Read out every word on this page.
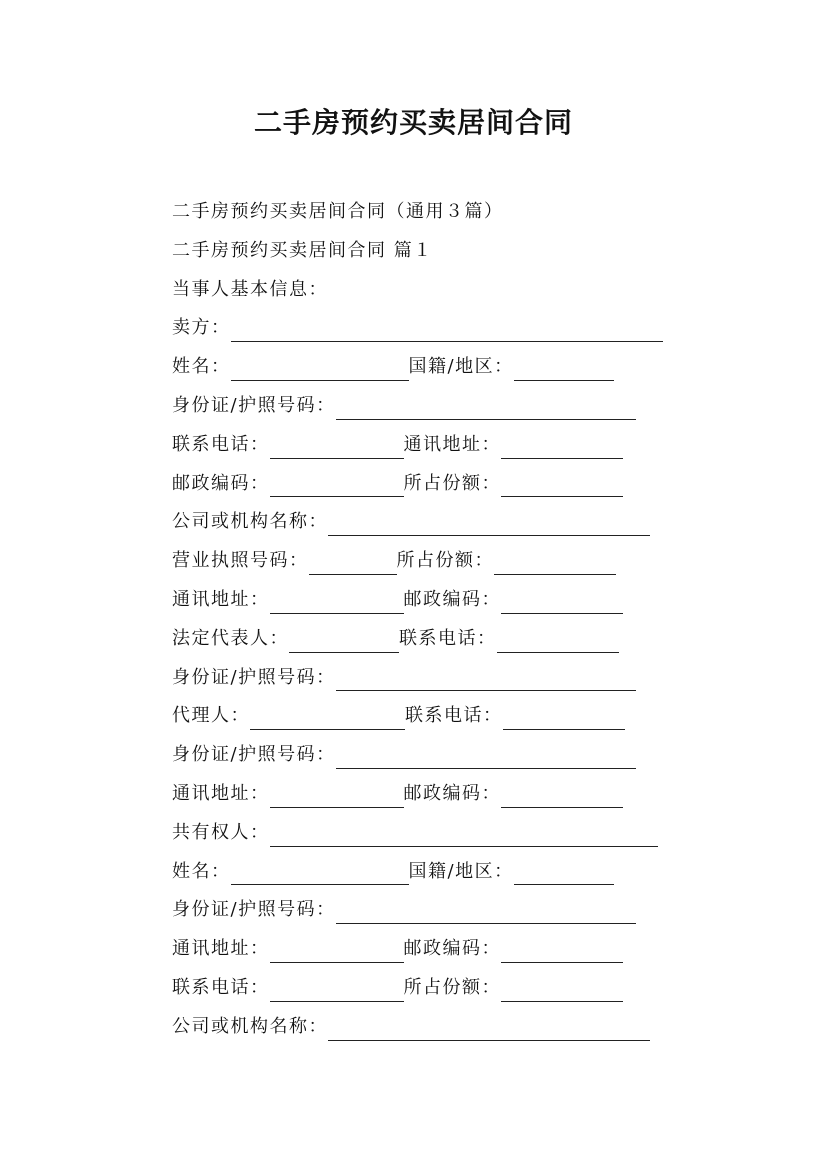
二手房预约买卖居间合同
二手房预约买卖居间合同（通用３篇）
二手房预约买卖居间合同 篇１
当事人基本信息：
卖方：
姓名：	国籍/地区：
身份证/护照号码：
联系电话：	通讯地址：
邮政编码：	所占份额：
公司或机构名称：
营业执照号码：	所占份额：
通讯地址：	邮政编码：
法定代表人：	联系电话：
身份证/护照号码：
代理人：	联系电话：
身份证/护照号码：
通讯地址：	邮政编码：
共有权人：
姓名：	国籍/地区：
身份证/护照号码：
通讯地址：	邮政编码：
联系电话：	所占份额：
公司或机构名称：
